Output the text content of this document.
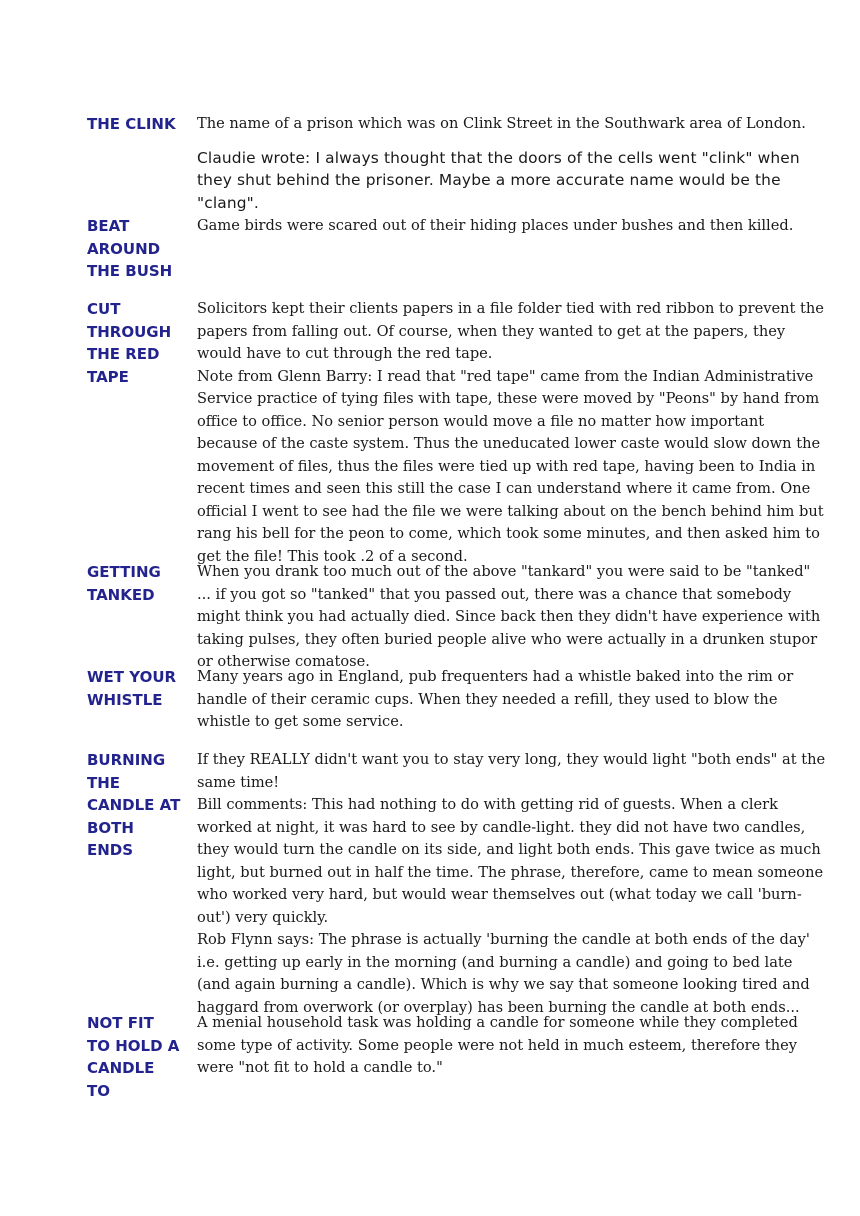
THE CLINK	The name of a prison which was on Clink Street in the Southwark area of London.

Claudie wrote: I always thought that the doors of the cells went "clink" when they shut behind the prisoner. Maybe a more accurate name would be the "clang".

BEAT
AROUND
THE BUSH

Game birds were scared out of their hiding places under bushes and then killed.

CUT
THROUGH
THE RED
TAPE

Solicitors kept their clients papers in a file folder tied with red ribbon to prevent the papers from falling out. Of course, when they wanted to get at the papers, they would have to cut through the red tape.

Note from Glenn Barry: I read that "red tape" came from the Indian Administrative Service practice of tying files with tape, these were moved by "Peons" by hand from office to office. No senior person would move a file no matter how important because of the caste system. Thus the uneducated lower caste would slow down the movement of files, thus the files were tied up with red tape, having been to India in recent times and seen this still the case I can understand where it came from. One official I went to see had the file we were talking about on the bench behind him but rang his bell for the peon to come, which took some minutes, and then asked him to get the file! This took .2 of a second.

GETTING
TANKED

When you drank too much out of the above "tankard" you were said to be "tanked" ... if you got so "tanked" that you passed out, there was a chance that somebody might think you had actually died. Since back then they didn't have experience with taking pulses, they often buried people alive who were actually in a drunken stupor or otherwise comatose.

WET YOUR
WHISTLE

Many years ago in England, pub frequenters had a whistle baked into the rim or handle of their ceramic cups. When they needed a refill, they used to blow the whistle to get some service.

BURNING
THE
CANDLE AT
BOTH
ENDS

If they REALLY didn't want you to stay very long, they would light "both ends" at the same time!

Bill comments: This had nothing to do with getting rid of guests. When a clerk worked at night, it was hard to see by candle-light. they did not have two candles, they would turn the candle on its side, and light both ends. This gave twice as much light, but burned out in half the time. The phrase, therefore, came to mean someone who worked very hard, but would wear themselves out (what today we call 'burn-out') very quickly.

Rob Flynn says: The phrase is actually 'burning the candle at both ends of the day' i.e. getting up early in the morning (and burning a candle) and going to bed late (and again burning a candle). Which is why we say that someone looking tired and haggard from overwork (or overplay) has been burning the candle at both ends...

NOT FIT
TO HOLD A
CANDLE
TO

A menial household task was holding a candle for someone while they completed some type of activity. Some people were not held in much esteem, therefore they were "not fit to hold a candle to."
